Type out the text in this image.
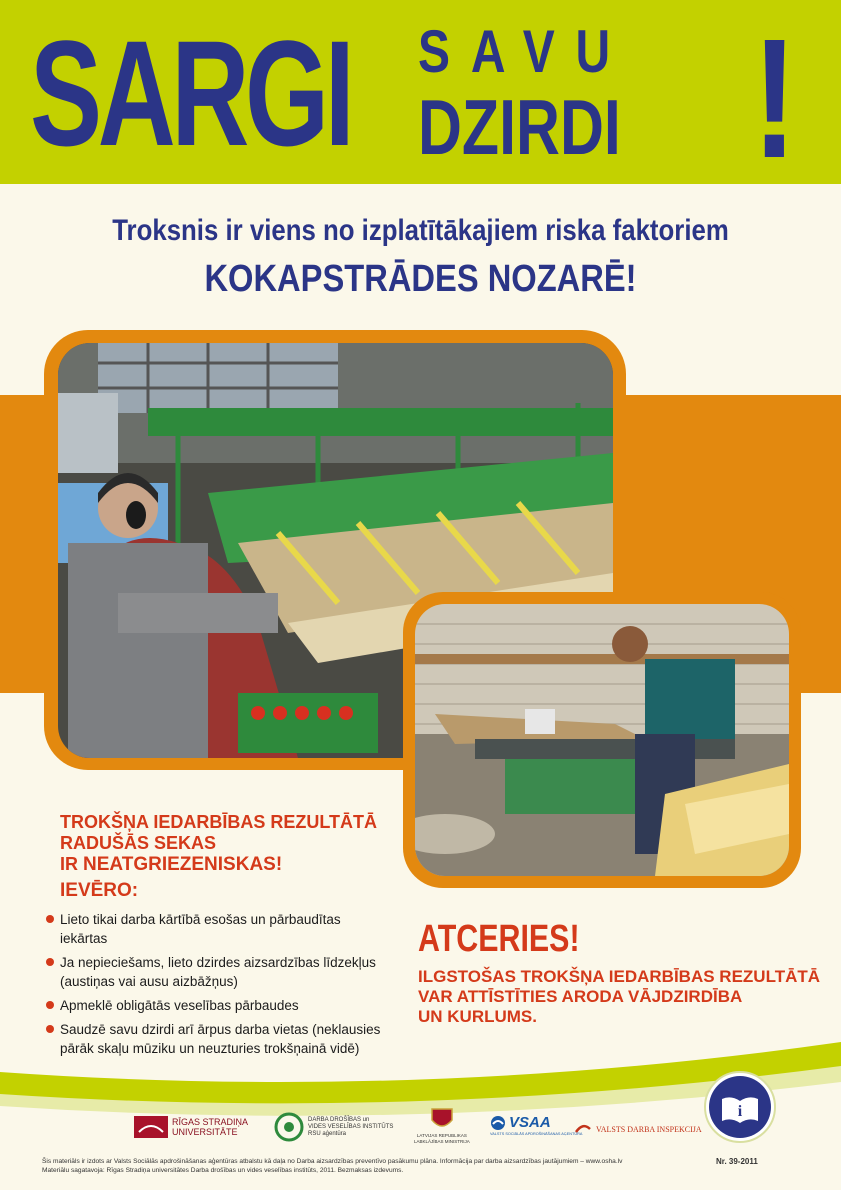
SARGI SAVU
DZIRDI !
Troksnis ir viens no izplatītākajiem riska faktoriem
KOKAPSTRĀDES NOZARĒ!
TROKŠŅA IEDARBĪBAS REZULTĀTĀ
RADUŠĀS SEKAS
IR NEATGRIEZENISKAS!
IEVĒRO:
Lieto tikai darba kārtībā esošas un pārbaudītas iekārtas
Ja nepieciešams, lieto dzirdes aizsardzības līdzekļus (austiņas vai ausu aizbāžņus)
Apmeklē obligātās veselības pārbaudes
Saudzē savu dzirdi arī ārpus darba vietas (neklausies pārāk skaļu mūziku un neuzturies trokšņainā vidē)
ATCERIES!
ILGSTOŠAS TROKŠŅA IEDARBĪBAS REZULTĀTĀ
VAR ATTĪSTĪTIES ARODA VĀJDZIRDĪBA
UN KURLUMS.
RĪGAS STRADIŅA
UNIVERSITĀTE
DARBA DROŠĪBAS un
VIDES VESELĪBAS INSTITŪTS
RSU aģentūra	LATVIJAS REPUBLIKAS
LABKLĀJĪBAS MINISTRIJA
VSAA
VALSTS SOCIĀLĀS APDROŠINĀŠANAS AĢENTŪRA
VALSTS DARBA INSPEKCIJA
i
Šis materiāls ir izdots ar Valsts Sociālās apdrošināšanas aģentūras atbalstu kā daļa no Darba aizsardzības preventīvo pasākumu plāna. Informācija par darba aizsardzības jautājumiem – www.osha.lv
Materiālu sagatavoja: Rīgas Stradiņa universitātes Darba drošības un vides veselības institūts, 2011. Bezmaksas izdevums.
Nr. 39-2011
